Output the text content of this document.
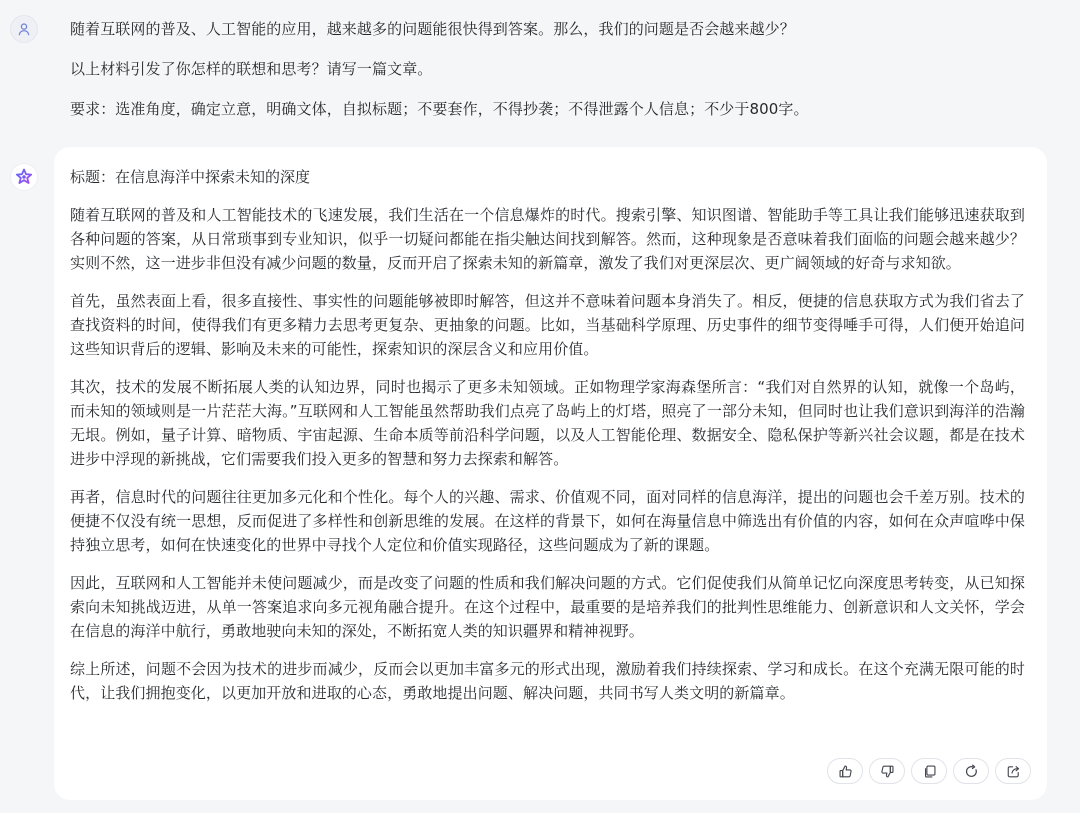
随着互联网的普及、人工智能的应用，越来越多的问题能很快得到答案。那么，我们的问题是否会越来越少？

以上材料引发了你怎样的联想和思考？请写一篇文章。

要求：选准角度，确定立意，明确文体，自拟标题；不要套作，不得抄袭；不得泄露个人信息；不少于800字。

标题：在信息海洋中探索未知的深度

随着互联网的普及和人工智能技术的飞速发展，我们生活在一个信息爆炸的时代。搜索引擎、知识图谱、智能助手等工具让我们能够迅速获取到各种问题的答案，从日常琐事到专业知识，似乎一切疑问都能在指尖触达间找到解答。然而，这种现象是否意味着我们面临的问题会越来越少？实则不然，这一进步非但没有减少问题的数量，反而开启了探索未知的新篇章，激发了我们对更深层次、更广阔领域的好奇与求知欲。

首先，虽然表面上看，很多直接性、事实性的问题能够被即时解答，但这并不意味着问题本身消失了。相反，便捷的信息获取方式为我们省去了查找资料的时间，使得我们有更多精力去思考更复杂、更抽象的问题。比如，当基础科学原理、历史事件的细节变得唾手可得，人们便开始追问这些知识背后的逻辑、影响及未来的可能性，探索知识的深层含义和应用价值。

其次，技术的发展不断拓展人类的认知边界，同时也揭示了更多未知领域。正如物理学家海森堡所言：“我们对自然界的认知，就像一个岛屿，而未知的领域则是一片茫茫大海。”互联网和人工智能虽然帮助我们点亮了岛屿上的灯塔，照亮了一部分未知，但同时也让我们意识到海洋的浩瀚无垠。例如，量子计算、暗物质、宇宙起源、生命本质等前沿科学问题，以及人工智能伦理、数据安全、隐私保护等新兴社会议题，都是在技术进步中浮现的新挑战，它们需要我们投入更多的智慧和努力去探索和解答。

再者，信息时代的问题往往更加多元化和个性化。每个人的兴趣、需求、价值观不同，面对同样的信息海洋，提出的问题也会千差万别。技术的便捷不仅没有统一思想，反而促进了多样性和创新思维的发展。在这样的背景下，如何在海量信息中筛选出有价值的内容，如何在众声喧哗中保持独立思考，如何在快速变化的世界中寻找个人定位和价值实现路径，这些问题成为了新的课题。

因此，互联网和人工智能并未使问题减少，而是改变了问题的性质和我们解决问题的方式。它们促使我们从简单记忆向深度思考转变，从已知探索向未知挑战迈进，从单一答案追求向多元视角融合提升。在这个过程中，最重要的是培养我们的批判性思维能力、创新意识和人文关怀，学会在信息的海洋中航行，勇敢地驶向未知的深处，不断拓宽人类的知识疆界和精神视野。

综上所述，问题不会因为技术的进步而减少，反而会以更加丰富多元的形式出现，激励着我们持续探索、学习和成长。在这个充满无限可能的时代，让我们拥抱变化，以更加开放和进取的心态，勇敢地提出问题、解决问题，共同书写人类文明的新篇章。
